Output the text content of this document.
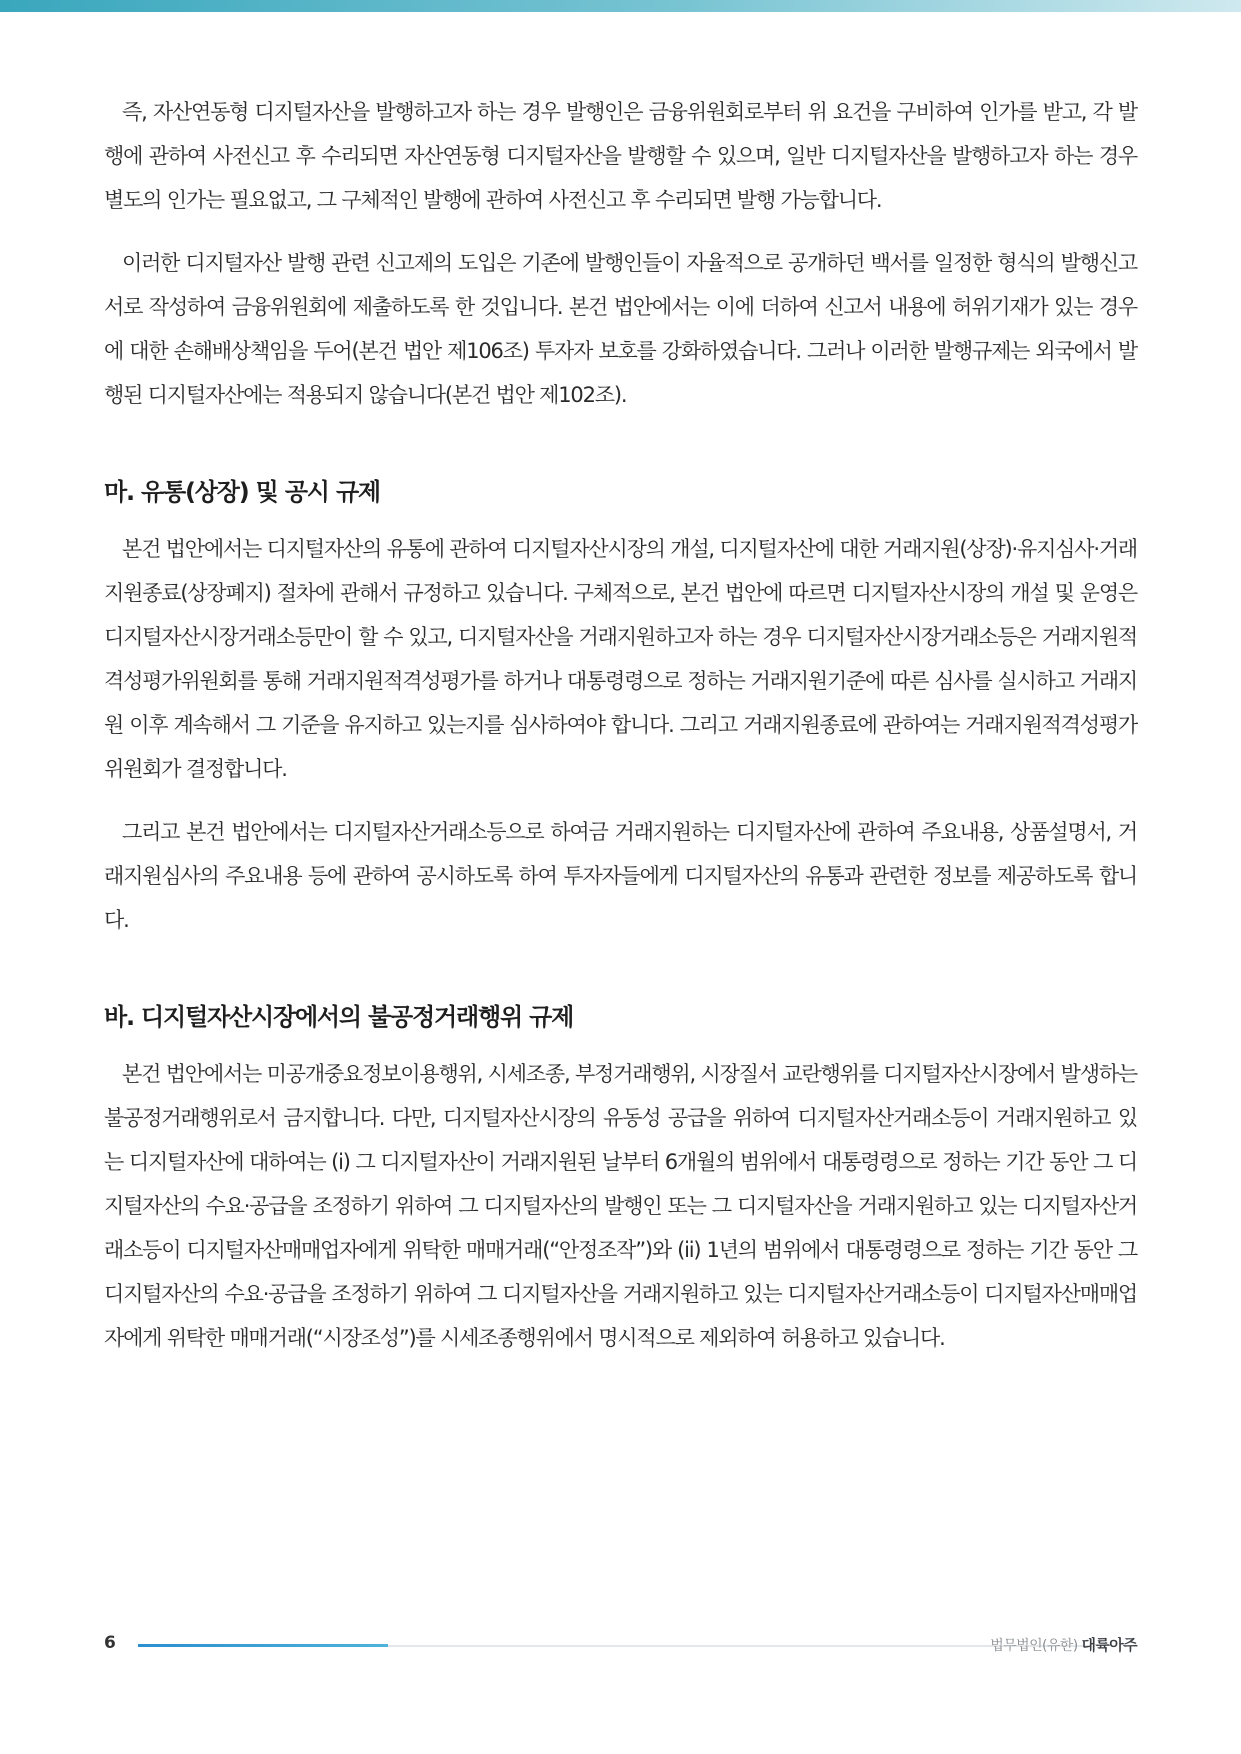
즉, 자산연동형 디지털자산을 발행하고자 하는 경우 발행인은 금융위원회로부터 위 요건을 구비하여 인가를 받고, 각 발행에 관하여 사전신고 후 수리되면 자산연동형 디지털자산을 발행할 수 있으며, 일반 디지털자산을 발행하고자 하는 경우 별도의 인가는 필요없고, 그 구체적인 발행에 관하여 사전신고 후 수리되면 발행 가능합니다.

이러한 디지털자산 발행 관련 신고제의 도입은 기존에 발행인들이 자율적으로 공개하던 백서를 일정한 형식의 발행신고서로 작성하여 금융위원회에 제출하도록 한 것입니다. 본건 법안에서는 이에 더하여 신고서 내용에 허위기재가 있는 경우에 대한 손해배상책임을 두어(본건 법안 제106조) 투자자 보호를 강화하였습니다. 그러나 이러한 발행규제는 외국에서 발행된 디지털자산에는 적용되지 않습니다(본건 법안 제102조).

마. 유통(상장) 및 공시 규제

본건 법안에서는 디지털자산의 유통에 관하여 디지털자산시장의 개설, 디지털자산에 대한 거래지원(상장)·유지심사·거래지원종료(상장폐지) 절차에 관해서 규정하고 있습니다. 구체적으로, 본건 법안에 따르면 디지털자산시장의 개설 및 운영은 디지털자산시장거래소등만이 할 수 있고, 디지털자산을 거래지원하고자 하는 경우 디지털자산시장거래소등은 거래지원적격성평가위원회를 통해 거래지원적격성평가를 하거나 대통령령으로 정하는 거래지원기준에 따른 심사를 실시하고 거래지원 이후 계속해서 그 기준을 유지하고 있는지를 심사하여야 합니다. 그리고 거래지원종료에 관하여는 거래지원적격성평가위원회가 결정합니다.

그리고 본건 법안에서는 디지털자산거래소등으로 하여금 거래지원하는 디지털자산에 관하여 주요내용, 상품설명서, 거래지원심사의 주요내용 등에 관하여 공시하도록 하여 투자자들에게 디지털자산의 유통과 관련한 정보를 제공하도록 합니다.

바. 디지털자산시장에서의 불공정거래행위 규제

본건 법안에서는 미공개중요정보이용행위, 시세조종, 부정거래행위, 시장질서 교란행위를 디지털자산시장에서 발생하는 불공정거래행위로서 금지합니다. 다만, 디지털자산시장의 유동성 공급을 위하여 디지털자산거래소등이 거래지원하고 있는 디지털자산에 대하여는 (i) 그 디지털자산이 거래지원된 날부터 6개월의 범위에서 대통령령으로 정하는 기간 동안 그 디지털자산의 수요·공급을 조정하기 위하여 그 디지털자산의 발행인 또는 그 디지털자산을 거래지원하고 있는 디지털자산거래소등이 디지털자산매매업자에게 위탁한 매매거래(“안정조작”)와 (ii) 1년의 범위에서 대통령령으로 정하는 기간 동안 그 디지털자산의 수요·공급을 조정하기 위하여 그 디지털자산을 거래지원하고 있는 디지털자산거래소등이 디지털자산매매업자에게 위탁한 매매거래(“시장조성”)를 시세조종행위에서 명시적으로 제외하여 허용하고 있습니다.

6	법무법인(유한) 대륙아주
